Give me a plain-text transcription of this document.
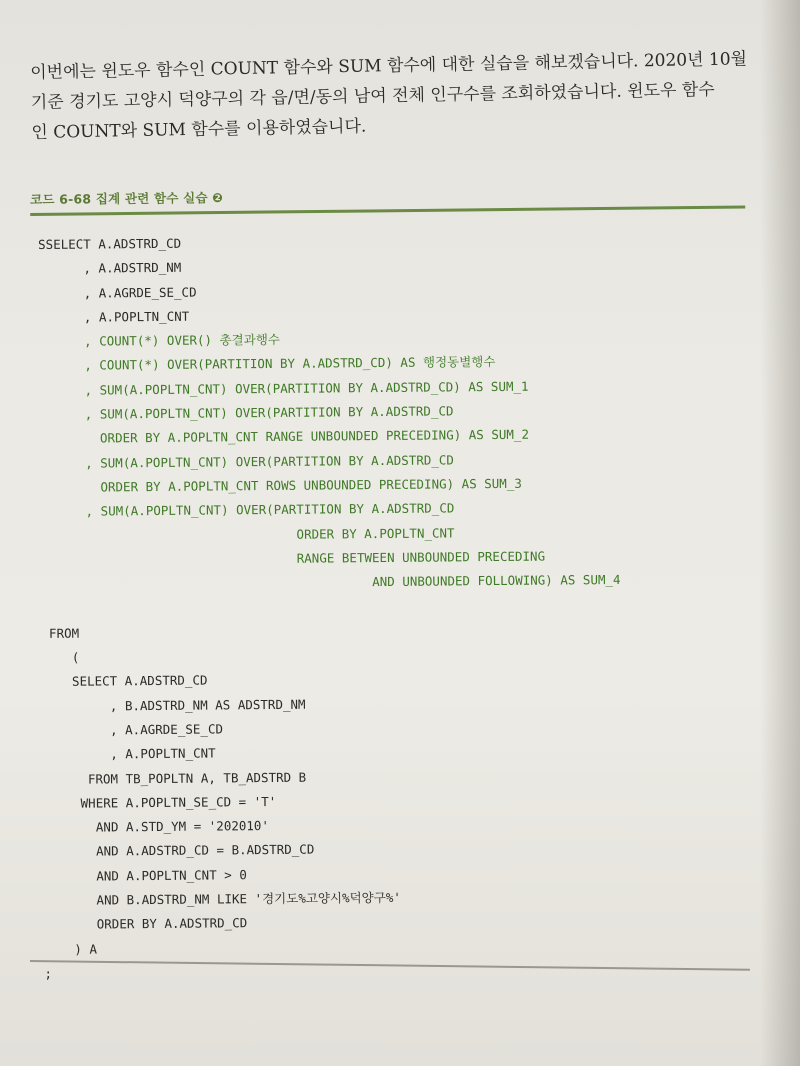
이번에는 윈도우 함수인 COUNT 함수와 SUM 함수에 대한 실습을 해보겠습니다. 2020년 10월

기준 경기도 고양시 덕양구의 각 읍/면/동의 남여 전체 인구수를 조회하였습니다. 윈도우 함수

인 COUNT와 SUM 함수를 이용하였습니다.

코드 6-68 집계 관련 함수 실습 ❷
SSELECT A.ADSTRD_CD
, A.ADSTRD_NM
, A.AGRDE_SE_CD
, A.POPLTN_CNT
, COUNT(*) OVER() 총결과행수
, COUNT(*) OVER(PARTITION BY A.ADSTRD_CD) AS 행정동별행수
, SUM(A.POPLTN_CNT) OVER(PARTITION BY A.ADSTRD_CD) AS SUM_1
, SUM(A.POPLTN_CNT) OVER(PARTITION BY A.ADSTRD_CD
ORDER BY A.POPLTN_CNT RANGE UNBOUNDED PRECEDING) AS SUM_2
, SUM(A.POPLTN_CNT) OVER(PARTITION BY A.ADSTRD_CD
ORDER BY A.POPLTN_CNT ROWS UNBOUNDED PRECEDING) AS SUM_3
, SUM(A.POPLTN_CNT) OVER(PARTITION BY A.ADSTRD_CD
ORDER BY A.POPLTN_CNT
RANGE BETWEEN UNBOUNDED PRECEDING
AND UNBOUNDED FOLLOWING) AS SUM_4
FROM
(
SELECT A.ADSTRD_CD
, B.ADSTRD_NM AS ADSTRD_NM
, A.AGRDE_SE_CD
, A.POPLTN_CNT
FROM TB_POPLTN A, TB_ADSTRD B
WHERE A.POPLTN_SE_CD = 'T'
AND A.STD_YM = '202010'
AND A.ADSTRD_CD = B.ADSTRD_CD
AND A.POPLTN_CNT > 0
AND B.ADSTRD_NM LIKE '경기도%고양시%덕양구%'
ORDER BY A.ADSTRD_CD
) A
;
